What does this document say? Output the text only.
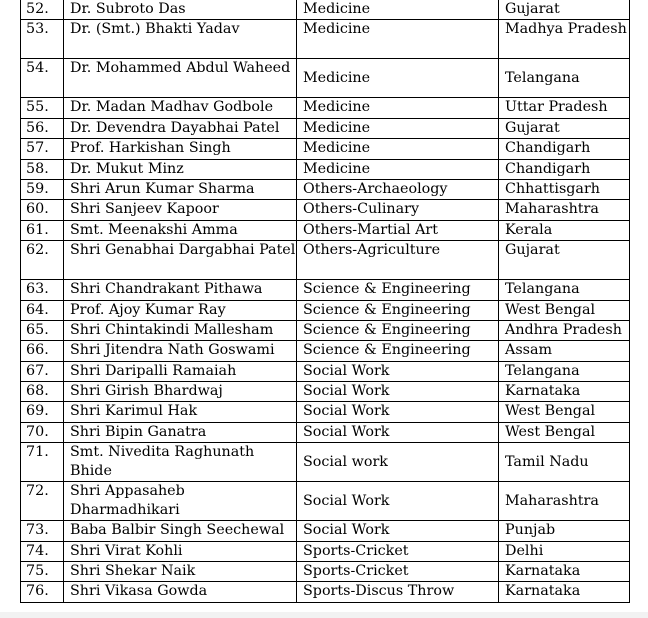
52.	Dr. Subroto Das	Medicine	Gujarat
53.	Dr. (Smt.) Bhakti Yadav	Medicine	Madhya Pradesh
54.	Dr. Mohammed Abdul Waheed	Medicine	Telangana
55.	Dr. Madan Madhav Godbole	Medicine	Uttar Pradesh
56.	Dr. Devendra Dayabhai Patel	Medicine	Gujarat
57.	Prof. Harkishan Singh	Medicine	Chandigarh
58.	Dr. Mukut Minz	Medicine	Chandigarh
59.	Shri Arun Kumar Sharma	Others-Archaeology	Chhattisgarh
60.	Shri Sanjeev Kapoor	Others-Culinary	Maharashtra
61.	Smt. Meenakshi Amma	Others-Martial Art	Kerala
62.	Shri Genabhai Dargabhai Patel	Others-Agriculture	Gujarat
63.	Shri Chandrakant Pithawa	Science & Engineering	Telangana
64.	Prof. Ajoy Kumar Ray	Science & Engineering	West Bengal
65.	Shri Chintakindi Mallesham	Science & Engineering	Andhra Pradesh
66.	Shri Jitendra Nath Goswami	Science & Engineering	Assam
67.	Shri Daripalli Ramaiah	Social Work	Telangana
68.	Shri Girish Bhardwaj	Social Work	Karnataka
69.	Shri Karimul Hak	Social Work	West Bengal
70.	Shri Bipin Ganatra	Social Work	West Bengal
71.	Smt. Nivedita Raghunath Bhide	Social work	Tamil Nadu
72.	Shri Appasaheb Dharmadhikari	Social Work	Maharashtra
73.	Baba Balbir Singh Seechewal	Social Work	Punjab
74.	Shri Virat Kohli	Sports-Cricket	Delhi
75.	Shri Shekar Naik	Sports-Cricket	Karnataka
76.	Shri Vikasa Gowda	Sports-Discus Throw	Karnataka
